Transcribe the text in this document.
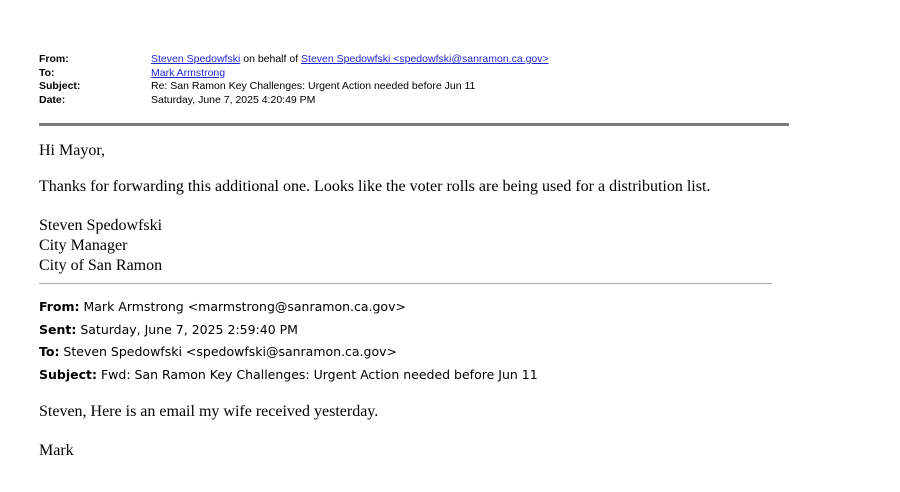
From:	Steven Spedowfski on behalf of Steven Spedowfski <spedowfski@sanramon.ca.gov>
To:	Mark Armstrong
Subject:	Re: San Ramon Key Challenges: Urgent Action needed before Jun 11
Date:	Saturday, June 7, 2025 4:20:49 PM
Hi Mayor,
Thanks for forwarding this additional one. Looks like the voter rolls are being used for a distribution list.
Steven Spedowfski
City Manager
City of San Ramon
From: Mark Armstrong <marmstrong@sanramon.ca.gov>
Sent: Saturday, June 7, 2025 2:59:40 PM
To: Steven Spedowfski <spedowfski@sanramon.ca.gov>
Subject: Fwd: San Ramon Key Challenges: Urgent Action needed before Jun 11
Steven, Here is an email my wife received yesterday.
Mark
